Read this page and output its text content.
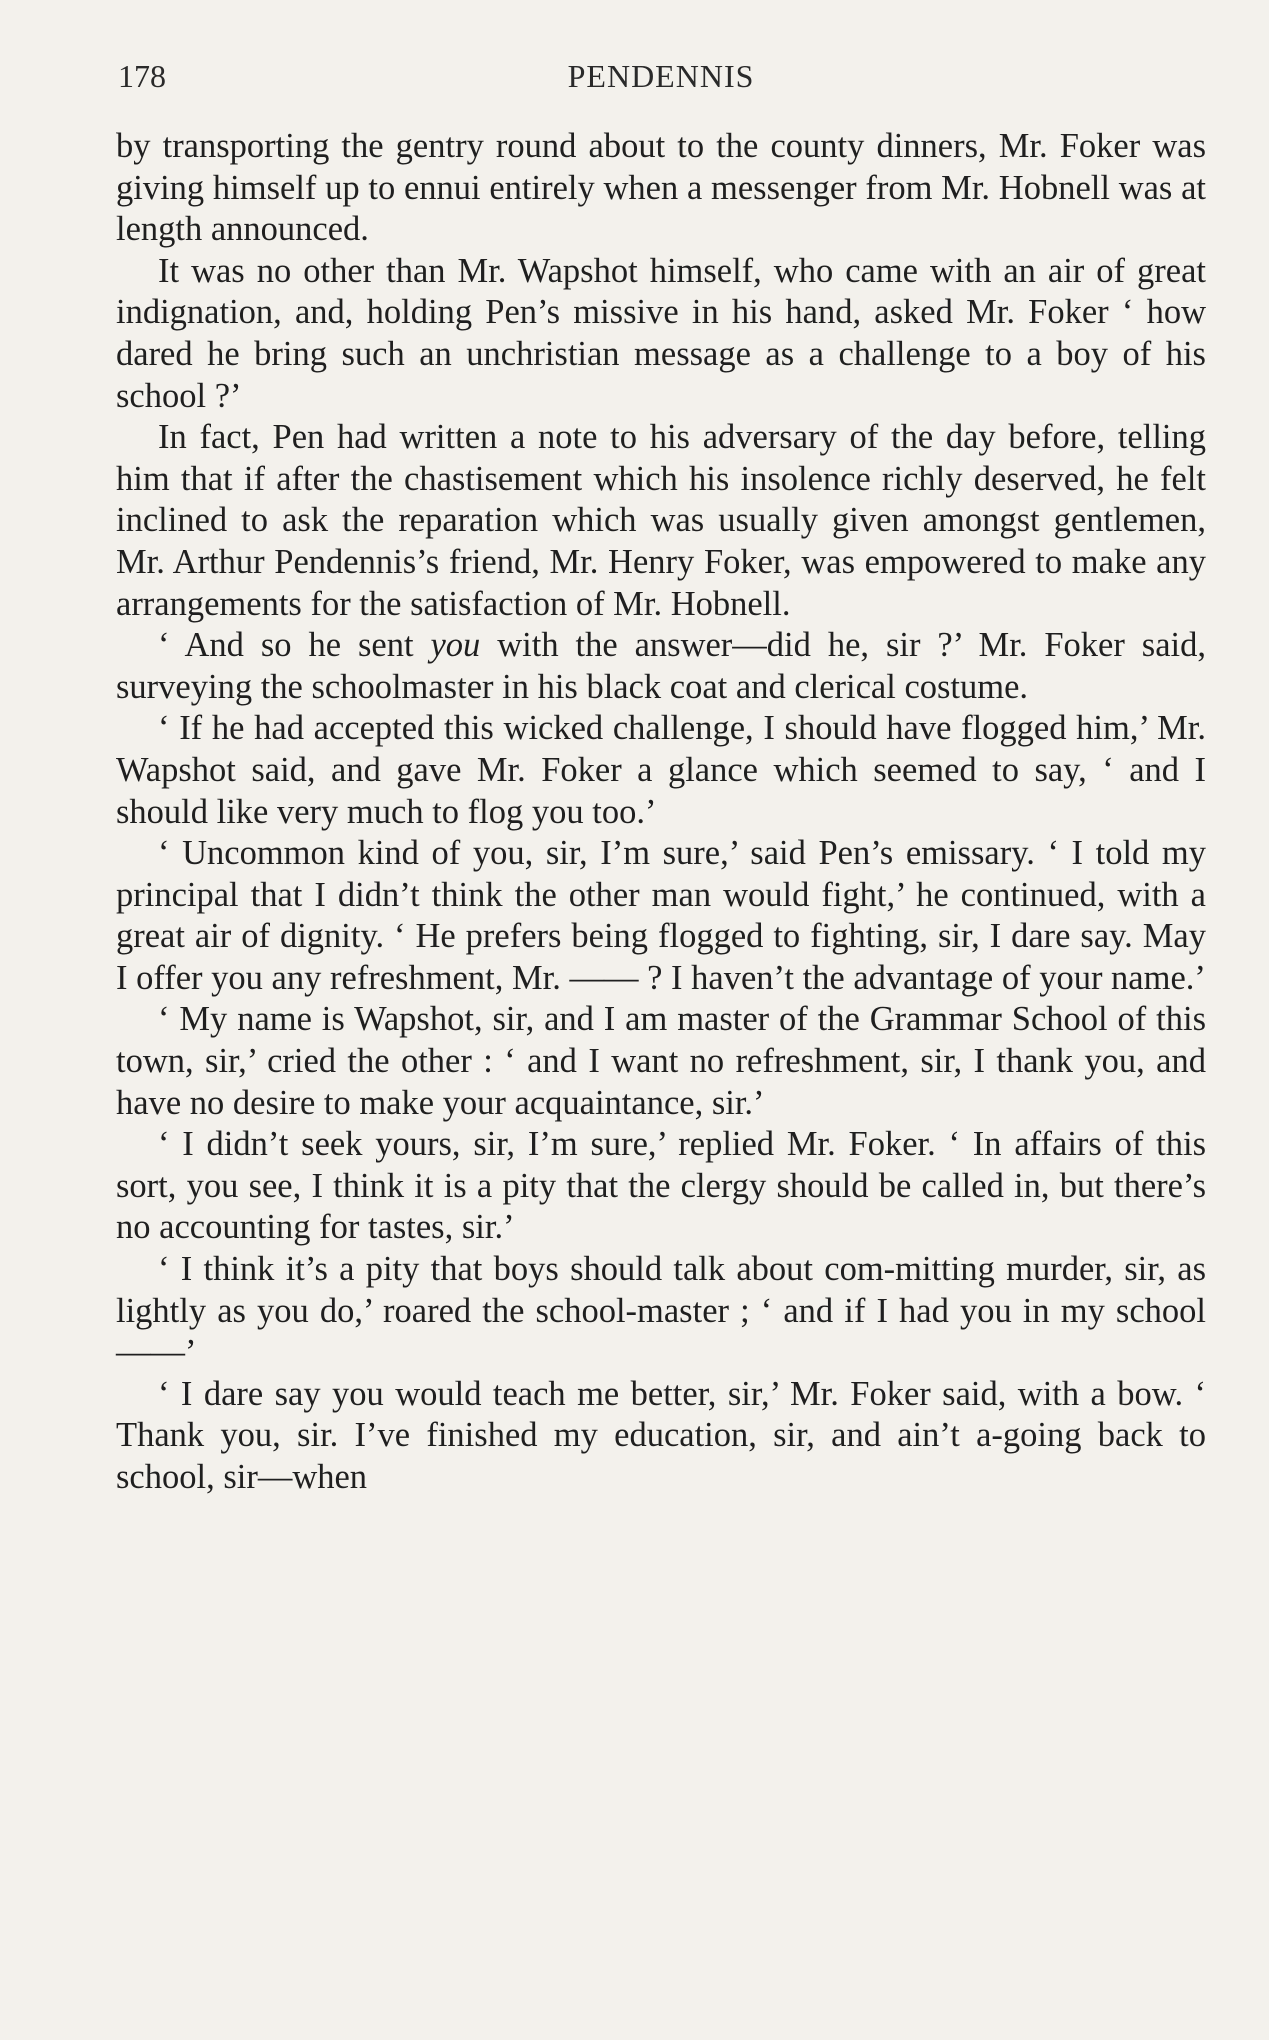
178	PENDENNIS

by transporting the gentry round about to the county dinners, Mr. Foker was giving himself up to ennui entirely when a messenger from Mr. Hobnell was at length announced.

It was no other than Mr. Wapshot himself, who came with an air of great indignation, and, holding Pen’s missive in his hand, asked Mr. Foker ‘ how dared he bring such an unchristian message as a challenge to a boy of his school ?’

In fact, Pen had written a note to his adversary of the day before, telling him that if after the chastisement which his insolence richly deserved, he felt inclined to ask the reparation which was usually given amongst gentlemen, Mr. Arthur Pendennis’s friend, Mr. Henry Foker, was empowered to make any arrangements for the satisfaction of Mr. Hobnell.

‘ And so he sent you with the answer—did he, sir ?’ Mr. Foker said, surveying the schoolmaster in his black coat and clerical costume.

‘ If he had accepted this wicked challenge, I should have flogged him,’ Mr. Wapshot said, and gave Mr. Foker a glance which seemed to say, ‘ and I should like very much to flog you too.’

‘ Uncommon kind of you, sir, I’m sure,’ said Pen’s emissary. ‘ I told my principal that I didn’t think the other man would fight,’ he continued, with a great air of dignity. ‘ He prefers being flogged to fighting, sir, I dare say. May I offer you any refreshment, Mr. —— ? I haven’t the advantage of your name.’

‘ My name is Wapshot, sir, and I am master of the Grammar School of this town, sir,’ cried the other : ‘ and I want no refreshment, sir, I thank you, and have no desire to make your acquaintance, sir.’

‘ I didn’t seek yours, sir, I’m sure,’ replied Mr. Foker. ‘ In affairs of this sort, you see, I think it is a pity that the clergy should be called in, but there’s no accounting for tastes, sir.’

‘ I think it’s a pity that boys should talk about com-mitting murder, sir, as lightly as you do,’ roared the school-master ; ‘ and if I had you in my school——’

‘ I dare say you would teach me better, sir,’ Mr. Foker said, with a bow. ‘ Thank you, sir. I’ve finished my education, sir, and ain’t a-going back to school, sir—when
